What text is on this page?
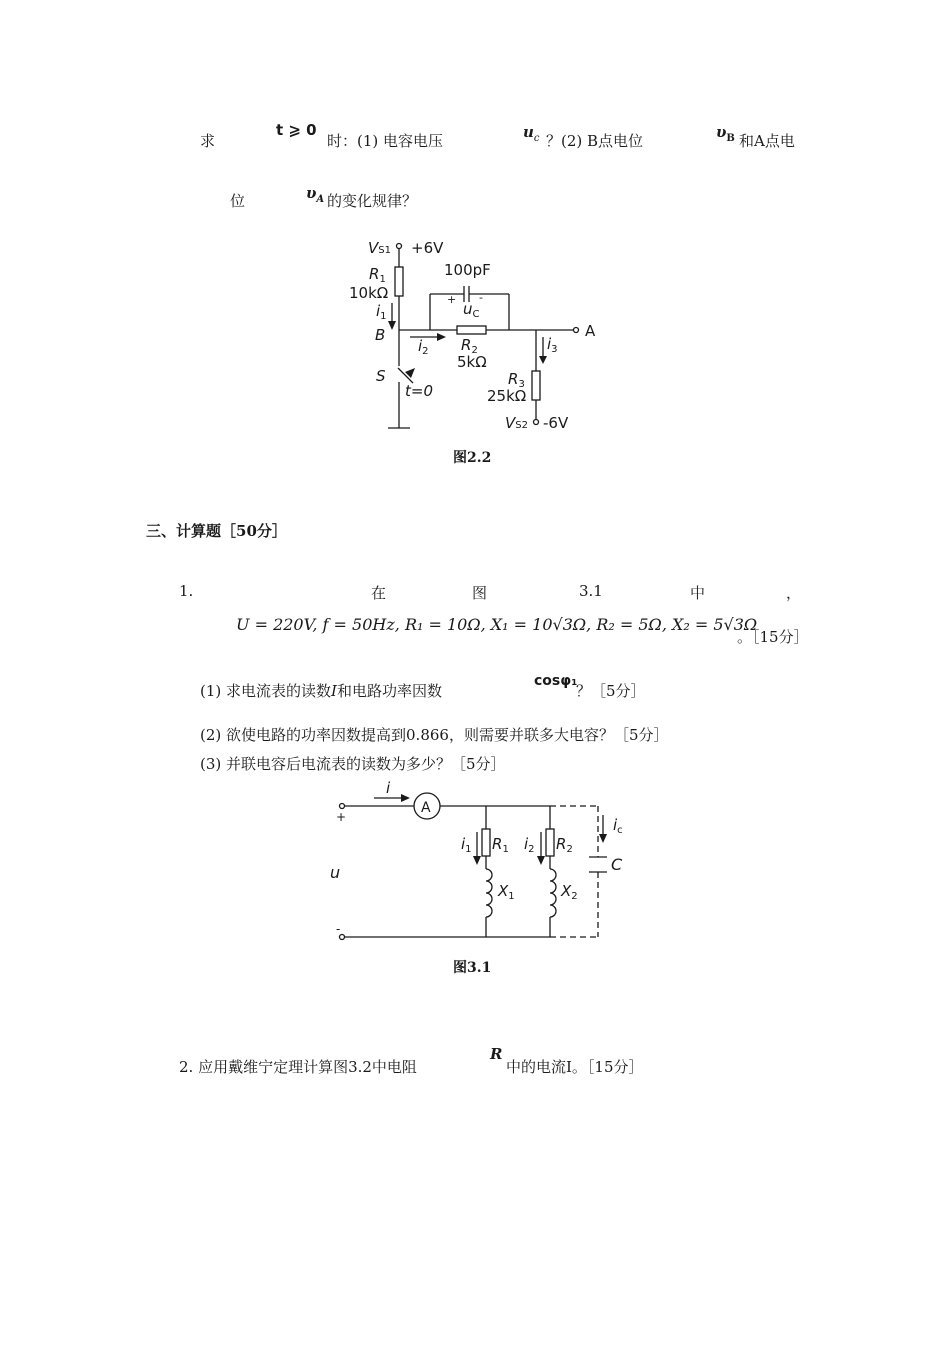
求
t ⩾ 0
时：(1) 电容电压	$u_c$ ？(2) B点电位	$\upsilon_B$ 和A点电
位	$\upsilon_A$ 的变化规律？
VS1 +6V
$R_1$
10kΩ
$i_1$
B
100pF
+ -
$u_C$
$i_2$ $R_2$
5kΩ
A
$i_3$
S
t=0
$R_3$
25kΩ
VS2 -6V
图2.2
三、计算题［50分］
1.	在	图	3.1	中	，
U = 220V, f = 50Hz, R₁ = 10Ω, X₁ = 10√3Ω, R₂ = 5Ω, X₂ = 5√3Ω
。［15分］
(1) 求电流表的读数I和电路功率因数
cosφ₁
？［5分］
(2) 欲使电路的功率因数提高到0.866，则需要并联多大电容？［5分］
(3) 并联电容后电流表的读数为多少？［5分］
i
A
+
-
u
$i_1$ $R_1$ $i_2$ $R_2$
$X_1$	$X_2$
$i_c$
C
图3.1
2. 应用戴维宁定理计算图3.2中电阻
R
中的电流I。［15分］
